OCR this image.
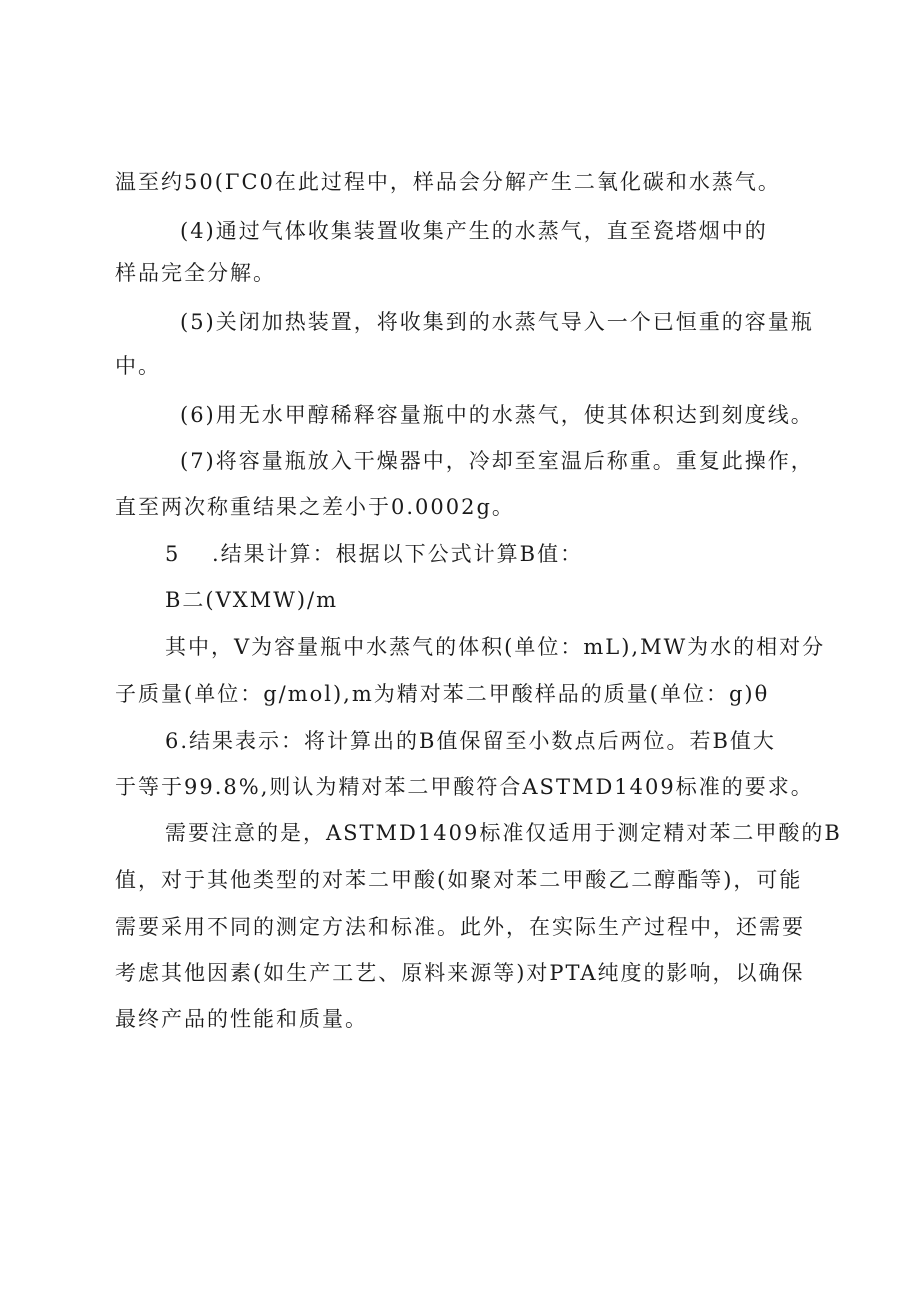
温至约50(ΓC0在此过程中，样品会分解产生二氧化碳和水蒸气。
(4)通过气体收集装置收集产生的水蒸气，直至瓷塔烟中的
样品完全分解。
(5)关闭加热装置，将收集到的水蒸气导入一个已恒重的容量瓶
中。
(6)用无水甲醇稀释容量瓶中的水蒸气，使其体积达到刻度线。
(7)将容量瓶放入干燥器中，冷却至室温后称重。重复此操作，
直至两次称重结果之差小于0.0002g。
5 .结果计算：根据以下公式计算B值：
B二(VXMW)/m
其中，V为容量瓶中水蒸气的体积(单位：mL),MW为水的相对分
子质量(单位：g/mol),m为精对苯二甲酸样品的质量(单位：g)θ
6.结果表示：将计算出的B值保留至小数点后两位。若B值大
于等于99.8%,则认为精对苯二甲酸符合ASTMD1409标准的要求。
需要注意的是，ASTMD1409标准仅适用于测定精对苯二甲酸的B
值，对于其他类型的对苯二甲酸(如聚对苯二甲酸乙二醇酯等)，可能
需要采用不同的测定方法和标准。此外，在实际生产过程中，还需要
考虑其他因素(如生产工艺、原料来源等)对PTA纯度的影响，以确保
最终产品的性能和质量。
